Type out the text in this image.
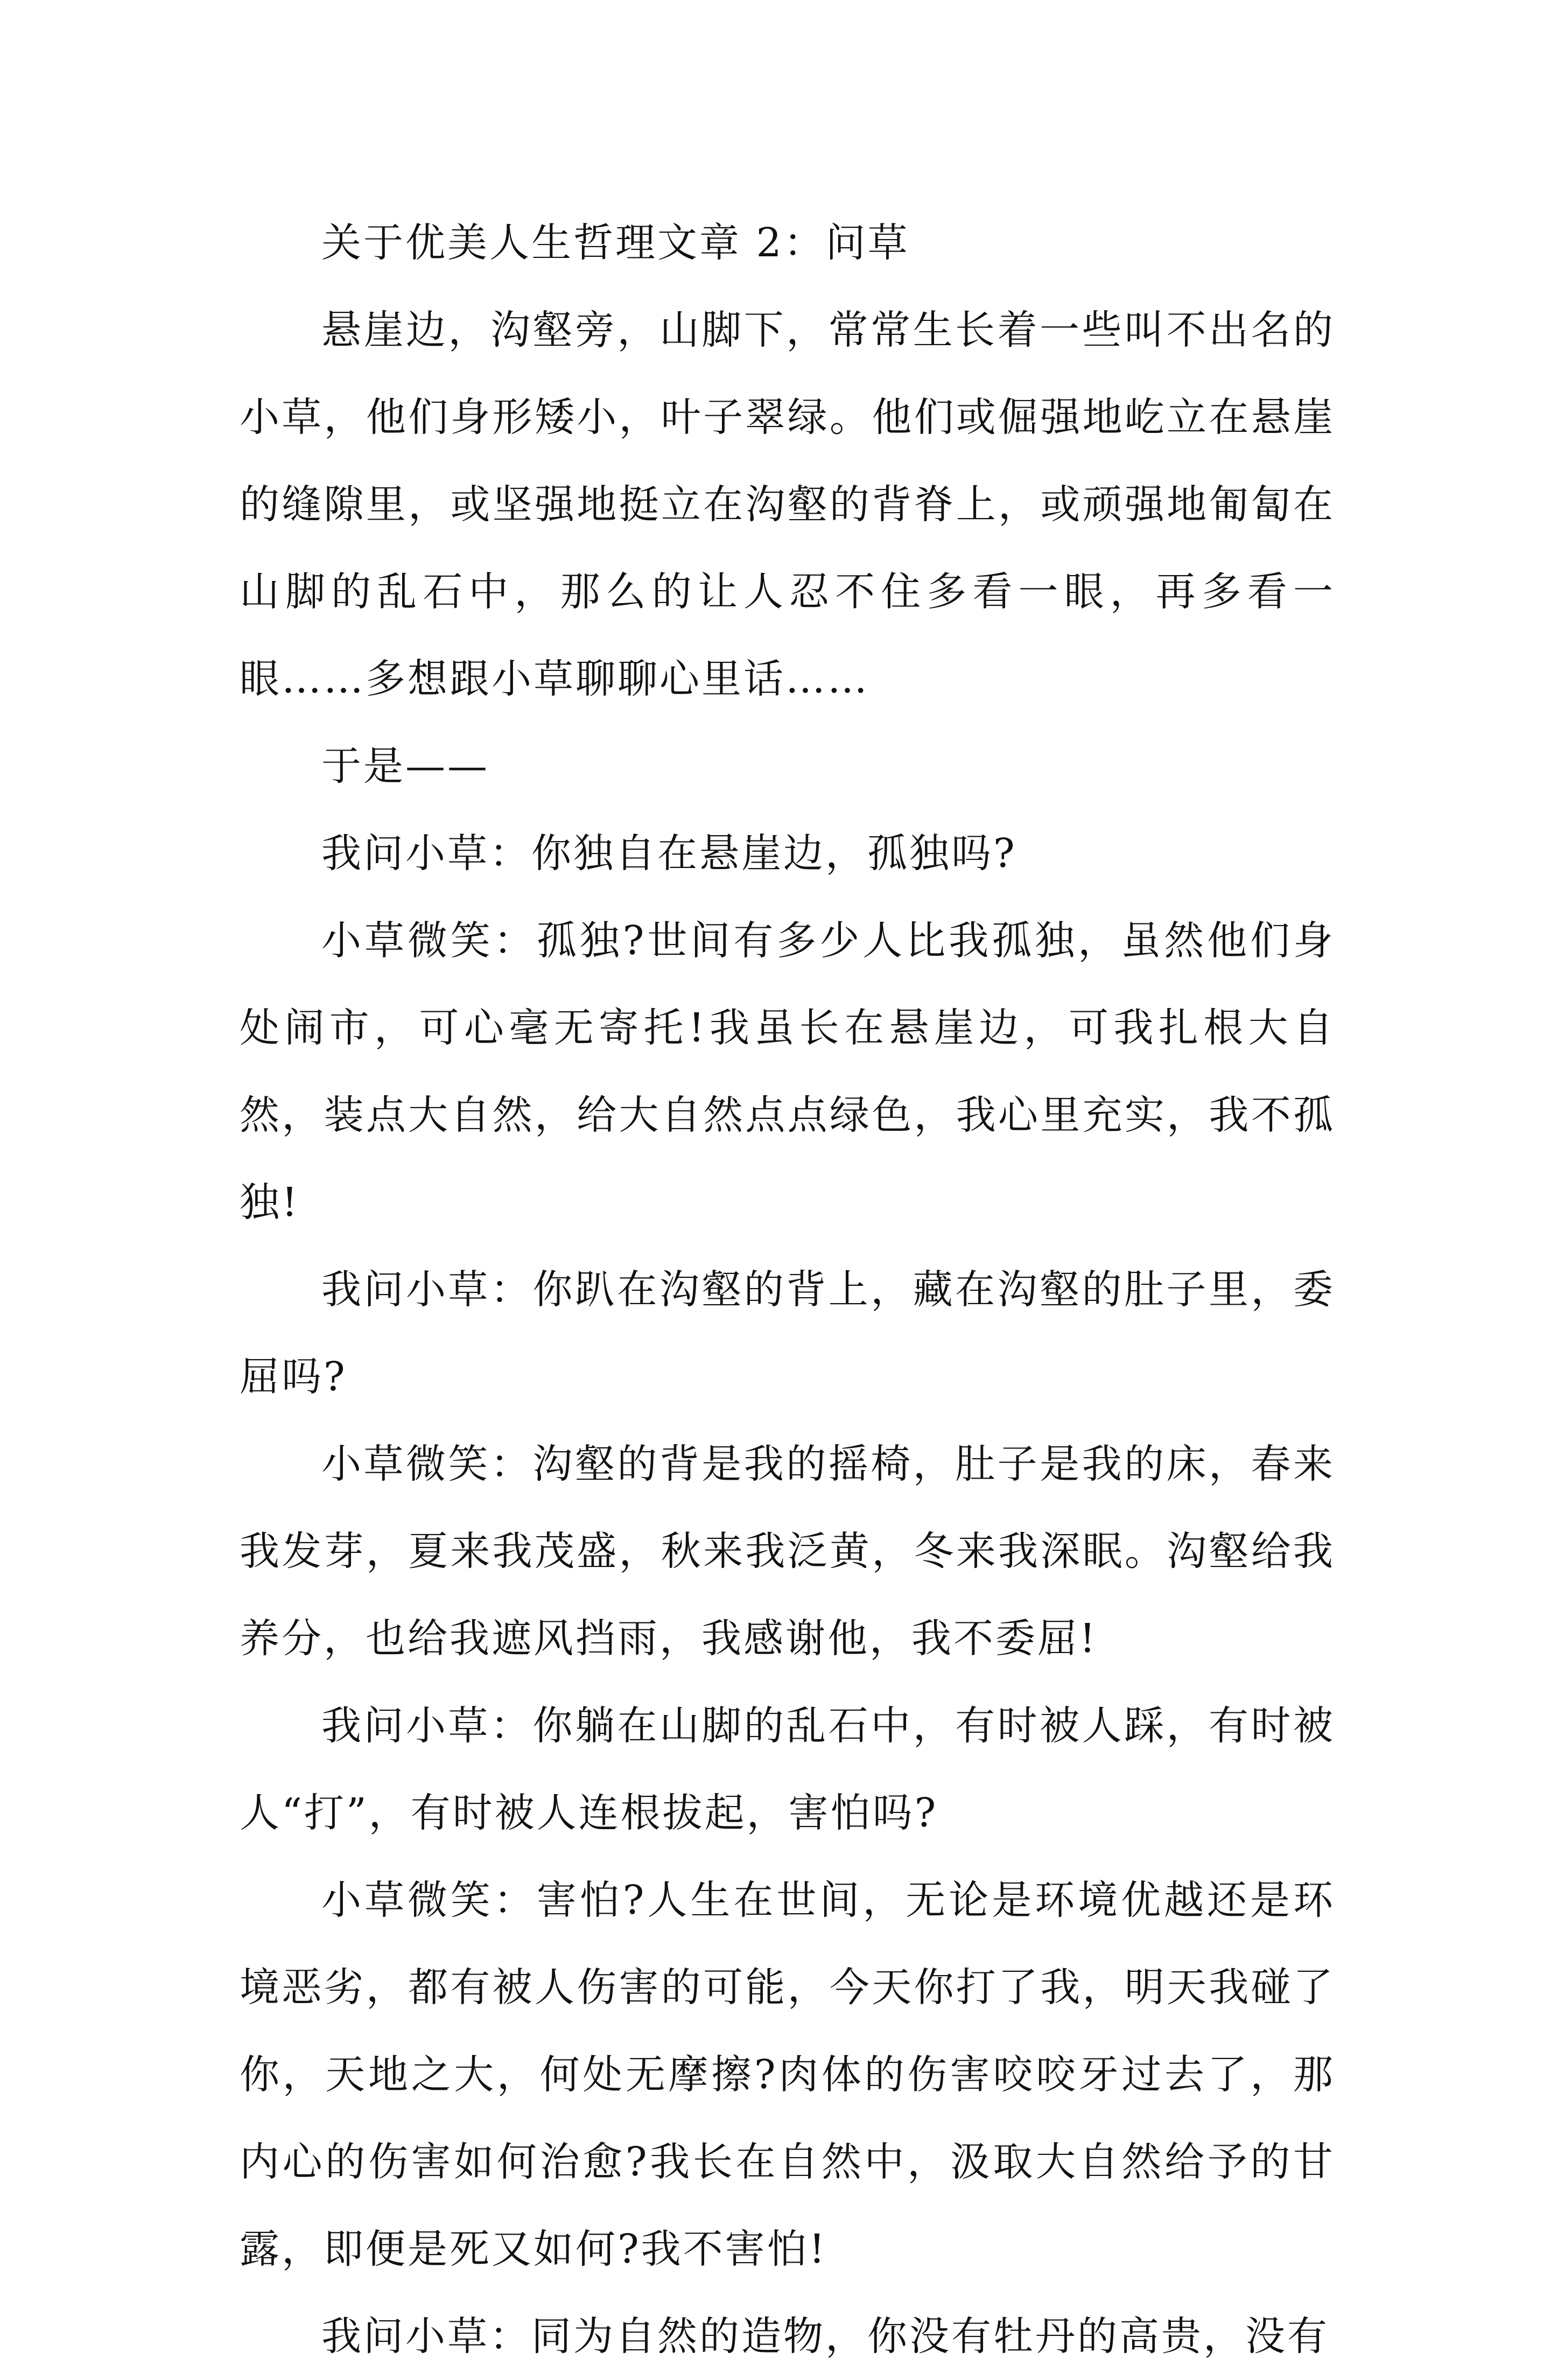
关于优美人生哲理文章 2：问草

悬崖边，沟壑旁，山脚下，常常生长着一些叫不出名的小草，他们身形矮小，叶子翠绿。他们或倔强地屹立在悬崖的缝隙里，或坚强地挺立在沟壑的背脊上，或顽强地匍匐在山脚的乱石中，那么的让人忍不住多看一眼，再多看一眼……多想跟小草聊聊心里话……

于是——

我问小草：你独自在悬崖边，孤独吗?

小草微笑：孤独?世间有多少人比我孤独，虽然他们身处闹市，可心毫无寄托!我虽长在悬崖边，可我扎根大自然，装点大自然，给大自然点点绿色，我心里充实，我不孤独!

我问小草：你趴在沟壑的背上，藏在沟壑的肚子里，委屈吗?

小草微笑：沟壑的背是我的摇椅，肚子是我的床，春来我发芽，夏来我茂盛，秋来我泛黄，冬来我深眠。沟壑给我养分，也给我遮风挡雨，我感谢他，我不委屈!

我问小草：你躺在山脚的乱石中，有时被人踩，有时被人“打”，有时被人连根拔起，害怕吗?

小草微笑：害怕?人生在世间，无论是环境优越还是环境恶劣，都有被人伤害的可能，今天你打了我，明天我碰了你，天地之大，何处无摩擦?肉体的伤害咬咬牙过去了，那内心的伤害如何治愈?我长在自然中，汲取大自然给予的甘露，即便是死又如何?我不害怕!

我问小草：同为自然的造物，你没有牡丹的高贵，没有
